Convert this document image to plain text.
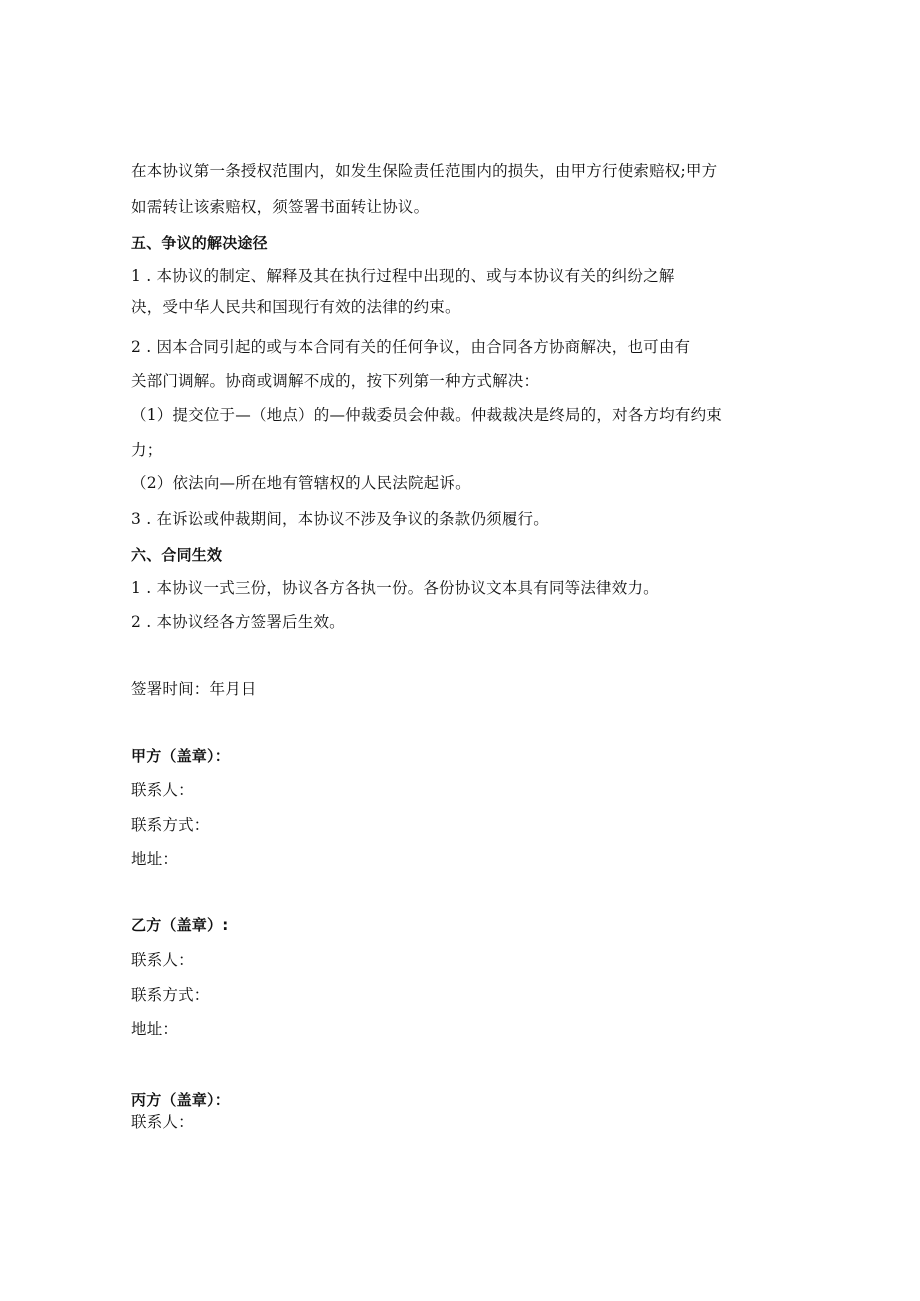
在本协议第一条授权范围内，如发生保险责任范围内的损失，由甲方行使索赔权;甲方
如需转让该索赔权，须签署书面转让协议。
五、争议的解决途径
1 . 本协议的制定、解释及其在执行过程中出现的、或与本协议有关的纠纷之解
决，受中华人民共和国现行有效的法律的约束。
2 . 因本合同引起的或与本合同有关的任何争议，由合同各方协商解决，也可由有
关部门调解。协商或调解不成的，按下列第一种方式解决：
（1）提交位于—（地点）的—仲裁委员会仲裁。仲裁裁决是终局的，对各方均有约束
力；
（2）依法向—所在地有管辖权的人民法院起诉。
3 . 在诉讼或仲裁期间，本协议不涉及争议的条款仍须履行。
六、合同生效
1 . 本协议一式三份，协议各方各执一份。各份协议文本具有同等法律效力。
2 . 本协议经各方签署后生效。
签署时间：年月日
甲方（盖章）：
联系人：
联系方式：
地址：
乙方（盖章）:
联系人：
联系方式：
地址：
丙方（盖章）：
联系人：
